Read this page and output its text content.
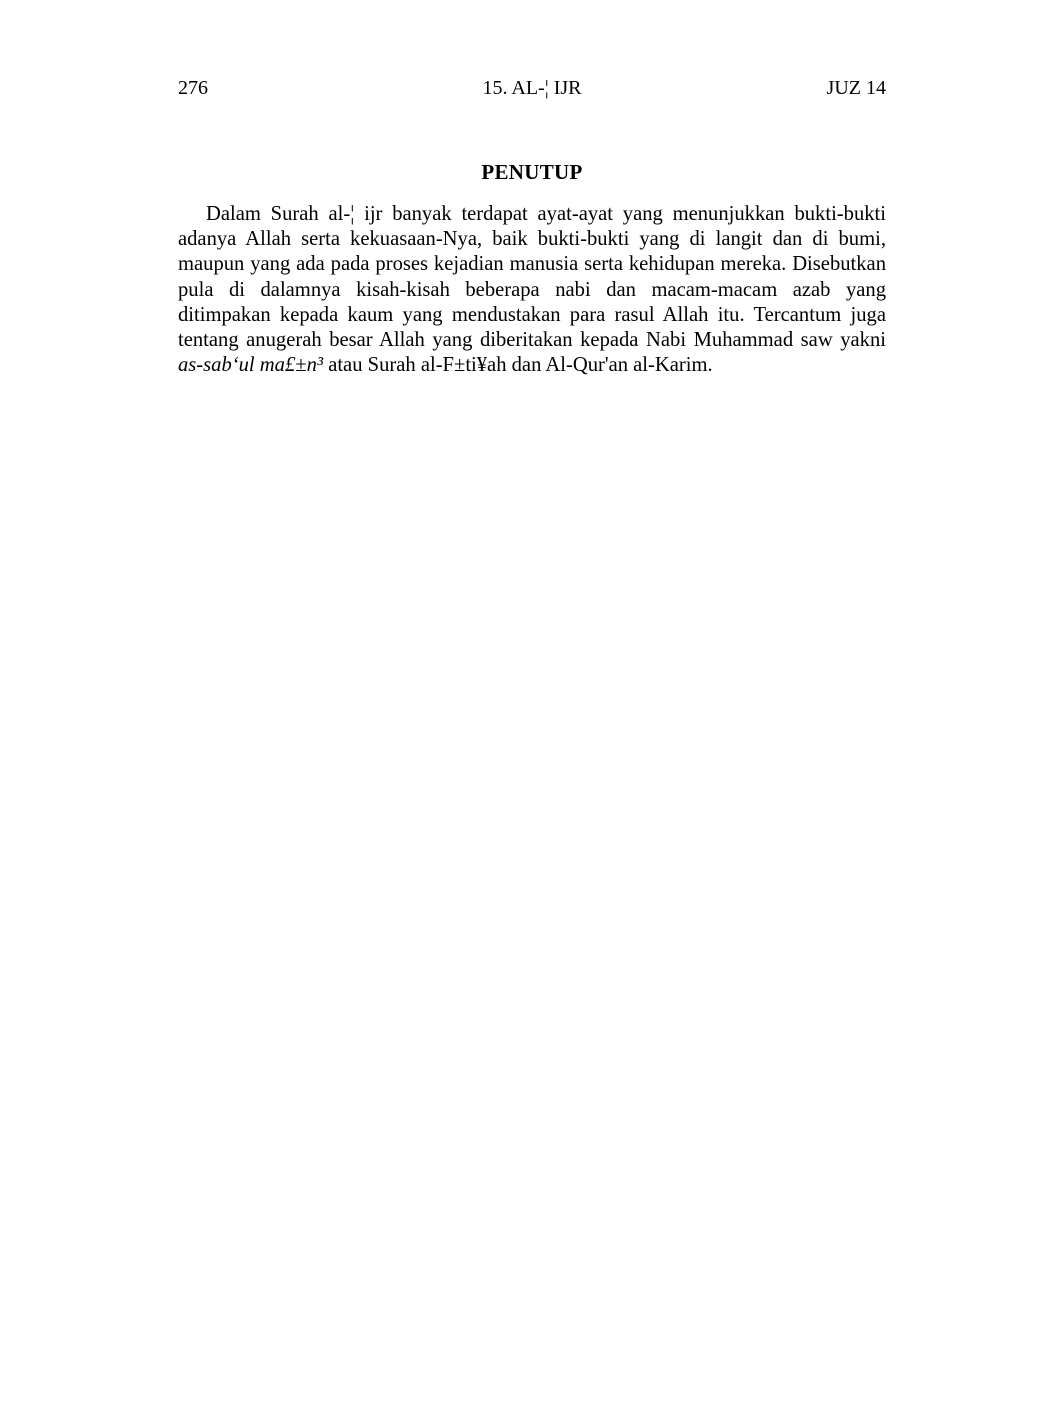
276	15. AL-¦ IJR	JUZ 14
PENUTUP

Dalam Surah al-¦ ijr banyak terdapat ayat-ayat yang menunjukkan bukti-bukti adanya Allah serta kekuasaan-Nya, baik bukti-bukti yang di langit dan di bumi, maupun yang ada pada proses kejadian manusia serta kehidupan mereka. Disebutkan pula di dalamnya kisah-kisah beberapa nabi dan macam-macam azab yang ditimpakan kepada kaum yang mendustakan para rasul Allah itu. Tercantum juga tentang anugerah besar Allah yang diberitakan kepada Nabi Muhammad saw yakni as-sab‘ul ma£±n³ atau Surah al-F±ti¥ah dan Al-Qur'an al-Karim.
